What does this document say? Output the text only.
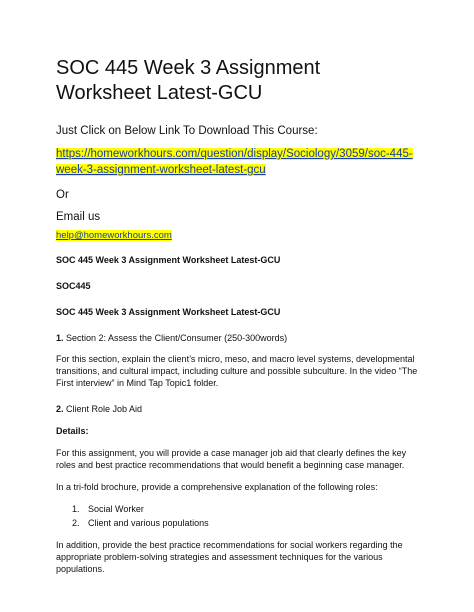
SOC 445 Week 3 Assignment Worksheet Latest-GCU
Just Click on Below Link To Download This Course:
https://homeworkhours.com/question/display/Sociology/3059/soc-445-week-3-assignment-worksheet-latest-gcu
Or
Email us
help@homeworkhours.com
SOC 445 Week 3 Assignment Worksheet Latest-GCU
SOC445
SOC 445 Week 3 Assignment Worksheet Latest-GCU
1. Section 2: Assess the Client/Consumer (250-300words)
For this section, explain the client’s micro, meso, and macro level systems, developmental transitions, and cultural impact, including culture and possible subculture. In the video “The First interview” in Mind Tap Topic1 folder.
2. Client Role Job Aid
Details:
For this assignment, you will provide a case manager job aid that clearly defines the key roles and best practice recommendations that would benefit a beginning case manager.
In a tri-fold brochure, provide a comprehensive explanation of the following roles:
1. Social Worker
2. Client and various populations
In addition, provide the best practice recommendations for social workers regarding the appropriate problem-solving strategies and assessment techniques for the various populations.
